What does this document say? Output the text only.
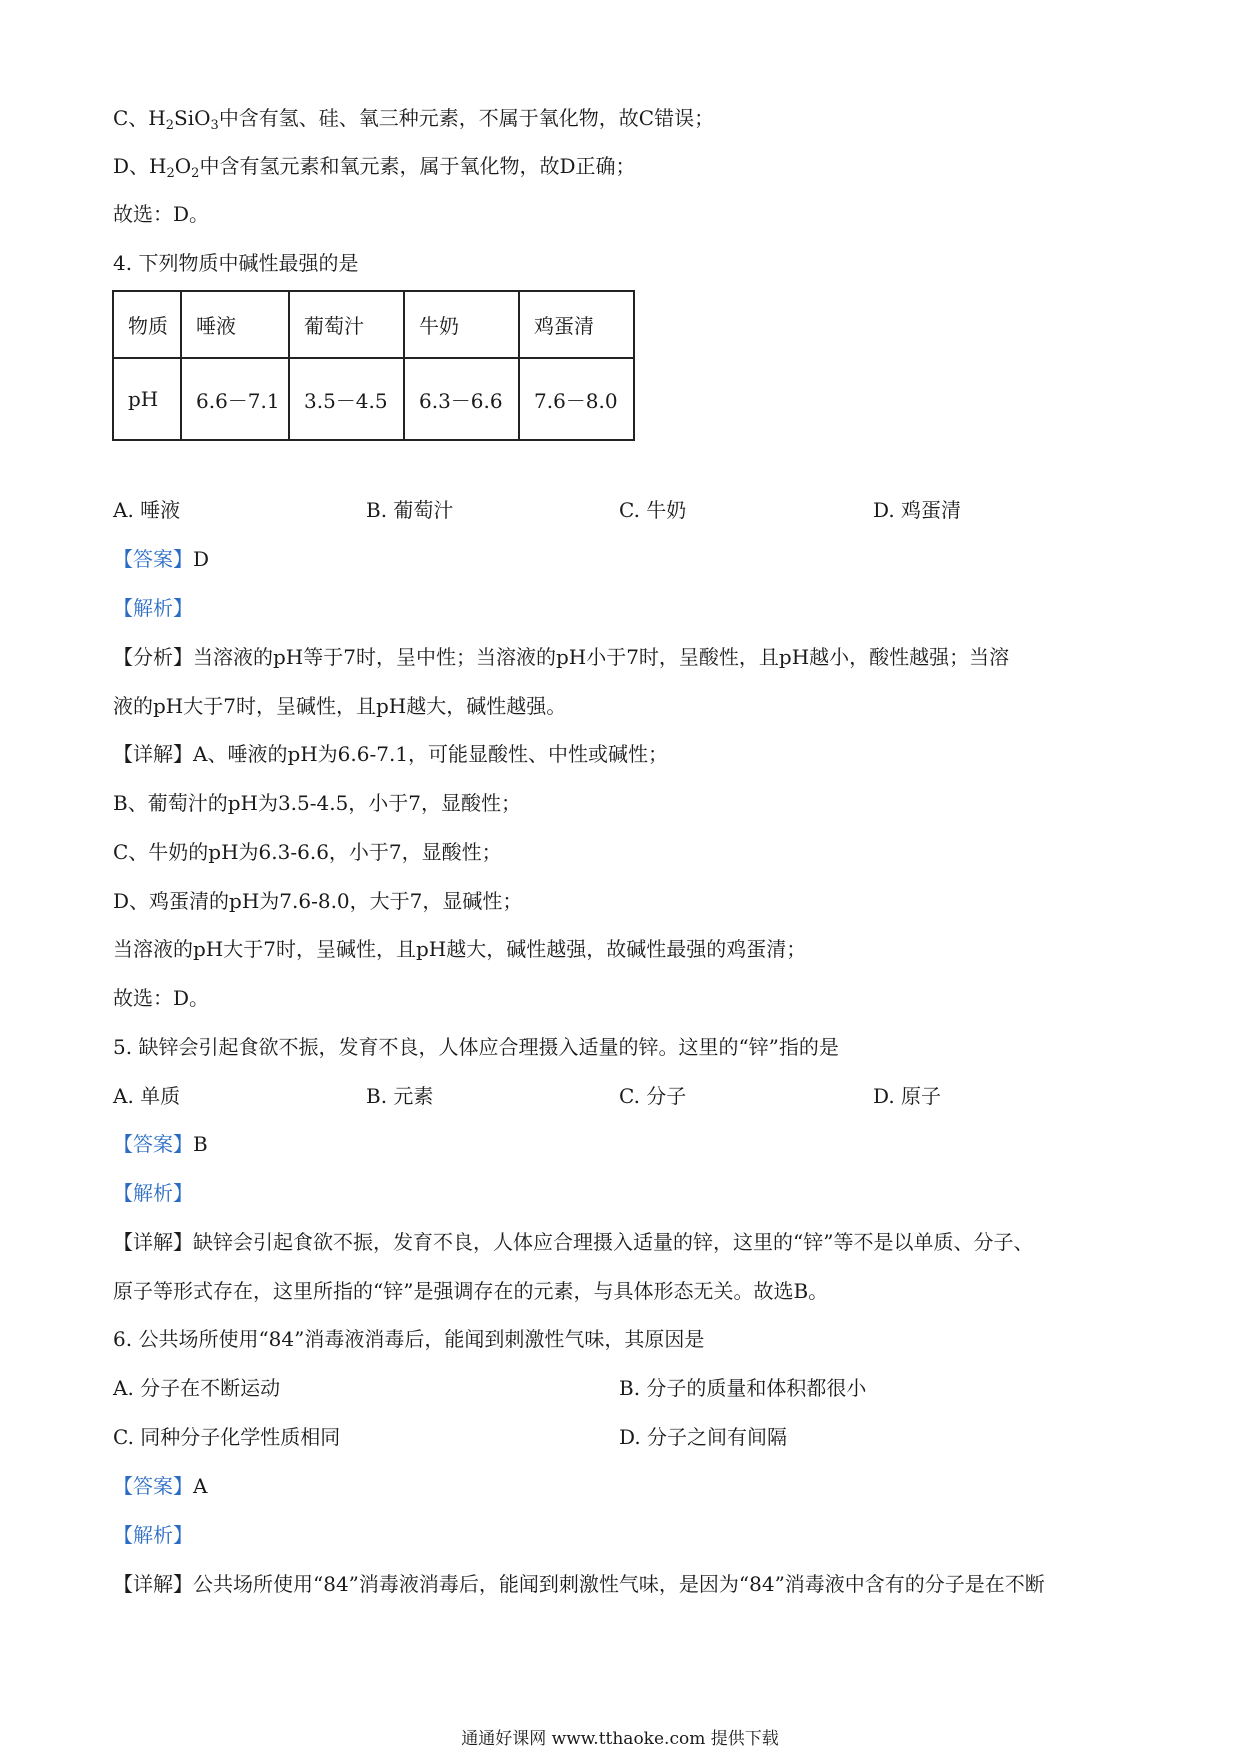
C、$H_2SiO_3$中含有氢、硅、氧三种元素，不属于氧化物，故C错误；
D、$H_2O_2$中含有氢元素和氧元素，属于氧化物，故D正确；
故选：D。
4. 下列物质中碱性最强的是
物质	唾液	葡萄汁	牛奶	鸡蛋清
pH	6.6－7.1	3.5－4.5	6.3－6.6	7.6－8.0
A. 唾液	B. 葡萄汁	C. 牛奶	D. 鸡蛋清
【答案】D
【解析】
【分析】当溶液的pH等于7时，呈中性；当溶液的pH小于7时，呈酸性，且pH越小，酸性越强；当溶
液的pH大于7时，呈碱性，且pH越大，碱性越强。
【详解】A、唾液的pH为6.6-7.1，可能显酸性、中性或碱性；
B、葡萄汁的pH为3.5-4.5，小于7，显酸性；
C、牛奶的pH为6.3-6.6，小于7，显酸性；
D、鸡蛋清的pH为7.6-8.0，大于7，显碱性；
当溶液的pH大于7时，呈碱性，且pH越大，碱性越强，故碱性最强的鸡蛋清；
故选：D。
5. 缺锌会引起食欲不振，发育不良，人体应合理摄入适量的锌。这里的“锌”指的是
A. 单质	B. 元素	C. 分子	D. 原子
【答案】B
【解析】
【详解】缺锌会引起食欲不振，发育不良，人体应合理摄入适量的锌，这里的“锌”等不是以单质、分子、
原子等形式存在，这里所指的“锌”是强调存在的元素，与具体形态无关。故选B。
6. 公共场所使用“84”消毒液消毒后，能闻到刺激性气味，其原因是
A. 分子在不断运动	B. 分子的质量和体积都很小
C. 同种分子化学性质相同	D. 分子之间有间隔
【答案】A
【解析】
【详解】公共场所使用“84”消毒液消毒后，能闻到刺激性气味，是因为“84”消毒液中含有的分子是在不断
通通好课网 www.tthaoke.com 提供下载
